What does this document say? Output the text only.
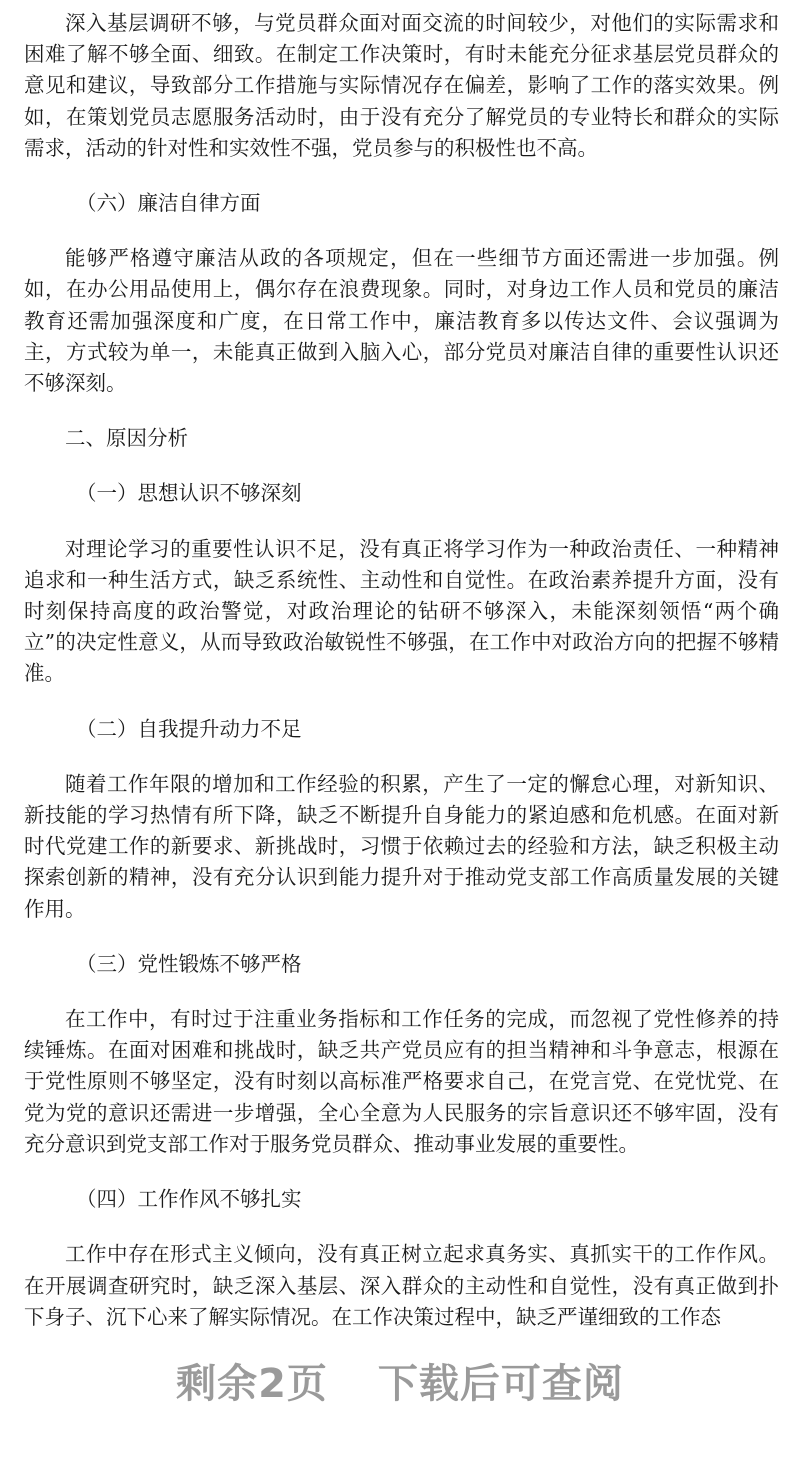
深入基层调研不够，与党员群众面对面交流的时间较少，对他们的实际需求和困难了解不够全面、细致。在制定工作决策时，有时未能充分征求基层党员群众的意见和建议，导致部分工作措施与实际情况存在偏差，影响了工作的落实效果。例如，在策划党员志愿服务活动时，由于没有充分了解党员的专业特长和群众的实际需求，活动的针对性和实效性不强，党员参与的积极性也不高。

（六）廉洁自律方面

能够严格遵守廉洁从政的各项规定，但在一些细节方面还需进一步加强。例如，在办公用品使用上，偶尔存在浪费现象。同时，对身边工作人员和党员的廉洁教育还需加强深度和广度，在日常工作中，廉洁教育多以传达文件、会议强调为主，方式较为单一，未能真正做到入脑入心，部分党员对廉洁自律的重要性认识还不够深刻。

二、原因分析

（一）思想认识不够深刻

对理论学习的重要性认识不足，没有真正将学习作为一种政治责任、一种精神追求和一种生活方式，缺乏系统性、主动性和自觉性。在政治素养提升方面，没有时刻保持高度的政治警觉，对政治理论的钻研不够深入，未能深刻领悟“两个确立”的决定性意义，从而导致政治敏锐性不够强，在工作中对政治方向的把握不够精准。

（二）自我提升动力不足

随着工作年限的增加和工作经验的积累，产生了一定的懈怠心理，对新知识、新技能的学习热情有所下降，缺乏不断提升自身能力的紧迫感和危机感。在面对新时代党建工作的新要求、新挑战时，习惯于依赖过去的经验和方法，缺乏积极主动探索创新的精神，没有充分认识到能力提升对于推动党支部工作高质量发展的关键作用。

（三）党性锻炼不够严格

在工作中，有时过于注重业务指标和工作任务的完成，而忽视了党性修养的持续锤炼。在面对困难和挑战时，缺乏共产党员应有的担当精神和斗争意志，根源在于党性原则不够坚定，没有时刻以高标准严格要求自己，在党言党、在党忧党、在党为党的意识还需进一步增强，全心全意为人民服务的宗旨意识还不够牢固，没有充分意识到党支部工作对于服务党员群众、推动事业发展的重要性。

（四）工作作风不够扎实

工作中存在形式主义倾向，没有真正树立起求真务实、真抓实干的工作作风。在开展调查研究时，缺乏深入基层、深入群众的主动性和自觉性，没有真正做到扑下身子、沉下心来了解实际情况。在工作决策过程中，缺乏严谨细致的工作态

剩余2页 下载后可查阅
